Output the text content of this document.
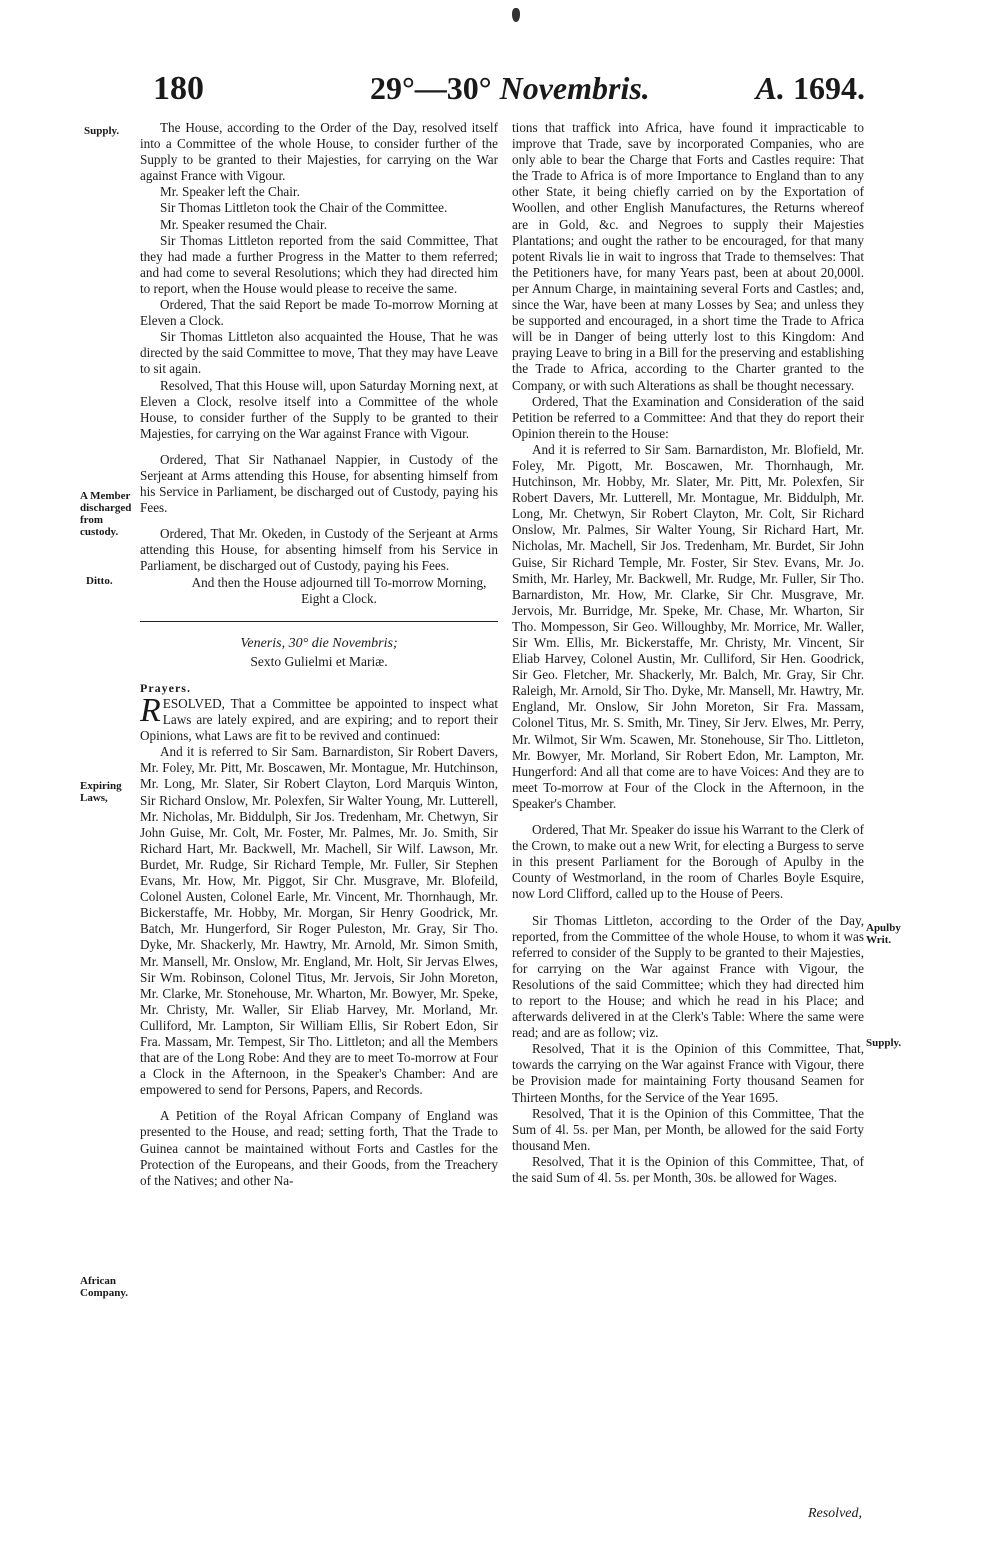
180	29°—30° Novembris.	A. 1694.
Supply.
A Member discharged from custody.
Ditto.
Expiring Laws,
African Company.
Apulby Writ.
Supply.

The House, according to the Order of the Day, resolved itself into a Committee of the whole House, to consider further of the Supply to be granted to their Majesties, for carrying on the War against France with Vigour.

Mr. Speaker left the Chair.

Sir Thomas Littleton took the Chair of the Committee.

Mr. Speaker resumed the Chair.

Sir Thomas Littleton reported from the said Committee, That they had made a further Progress in the Matter to them referred; and had come to several Resolutions; which they had directed him to report, when the House would please to receive the same.

Ordered, That the said Report be made To-morrow Morning at Eleven a Clock.

Sir Thomas Littleton also acquainted the House, That he was directed by the said Committee to move, That they may have Leave to sit again.

Resolved, That this House will, upon Saturday Morning next, at Eleven a Clock, resolve itself into a Committee of the whole House, to consider further of the Supply to be granted to their Majesties, for carrying on the War against France with Vigour.

Ordered, That Sir Nathanael Nappier, in Custody of the Serjeant at Arms attending this House, for absenting himself from his Service in Parliament, be discharged out of Custody, paying his Fees.

Ordered, That Mr. Okeden, in Custody of the Serjeant at Arms attending this House, for absenting himself from his Service in Parliament, be discharged out of Custody, paying his Fees.

And then the House adjourned till To-morrow Morning, Eight a Clock.

Veneris, 30° die Novembris;
Sexto Gulielmi et Mariæ.

Prayers.

RESOLVED, That a Committee be appointed to inspect what Laws are lately expired, and are expiring; and to report their Opinions, what Laws are fit to be revived and continued:

And it is referred to Sir Sam. Barnardiston, Sir Robert Davers, Mr. Foley, Mr. Pitt, Mr. Boscawen, Mr. Montague, Mr. Hutchinson, Mr. Long, Mr. Slater, Sir Robert Clayton, Lord Marquis Winton, Sir Richard Onslow, Mr. Polexfen, Sir Walter Young, Mr. Lutterell, Mr. Nicholas, Mr. Biddulph, Sir Jos. Tredenham, Mr. Chetwyn, Sir John Guise, Mr. Colt, Mr. Foster, Mr. Palmes, Mr. Jo. Smith, Sir Richard Hart, Mr. Backwell, Mr. Machell, Sir Wilf. Lawson, Mr. Burdet, Mr. Rudge, Sir Richard Temple, Mr. Fuller, Sir Stephen Evans, Mr. How, Mr. Piggot, Sir Chr. Musgrave, Mr. Blofeild, Colonel Austen, Colonel Earle, Mr. Vincent, Mr. Thornhaugh, Mr. Bickerstaffe, Mr. Hobby, Mr. Morgan, Sir Henry Goodrick, Mr. Batch, Mr. Hungerford, Sir Roger Puleston, Mr. Gray, Sir Tho. Dyke, Mr. Shackerly, Mr. Hawtry, Mr. Arnold, Mr. Simon Smith, Mr. Mansell, Mr. Onslow, Mr. England, Mr. Holt, Sir Jervas Elwes, Sir Wm. Robinson, Colonel Titus, Mr. Jervois, Sir John Moreton, Mr. Clarke, Mr. Stonehouse, Mr. Wharton, Mr. Bowyer, Mr. Speke, Mr. Christy, Mr. Waller, Sir Eliab Harvey, Mr. Morland, Mr. Culliford, Mr. Lampton, Sir William Ellis, Sir Robert Edon, Sir Fra. Massam, Mr. Tempest, Sir Tho. Littleton; and all the Members that are of the Long Robe: And they are to meet To-morrow at Four a Clock in the Afternoon, in the Speaker's Chamber: And are empowered to send for Persons, Papers, and Records.

A Petition of the Royal African Company of England was presented to the House, and read; setting forth, That the Trade to Guinea cannot be maintained without Forts and Castles for the Protection of the Europeans, and their Goods, from the Treachery of the Natives; and other Na-

tions that traffick into Africa, have found it impracticable to improve that Trade, save by incorporated Companies, who are only able to bear the Charge that Forts and Castles require: That the Trade to Africa is of more Importance to England than to any other State, it being chiefly carried on by the Exportation of Woollen, and other English Manufactures, the Returns whereof are in Gold, &c. and Negroes to supply their Majesties Plantations; and ought the rather to be encouraged, for that many potent Rivals lie in wait to ingross that Trade to themselves: That the Petitioners have, for many Years past, been at about 20,000l. per Annum Charge, in maintaining several Forts and Castles; and, since the War, have been at many Losses by Sea; and unless they be supported and encouraged, in a short time the Trade to Africa will be in Danger of being utterly lost to this Kingdom: And praying Leave to bring in a Bill for the preserving and establishing the Trade to Africa, according to the Charter granted to the Company, or with such Alterations as shall be thought necessary.

Ordered, That the Examination and Consideration of the said Petition be referred to a Committee: And that they do report their Opinion therein to the House:

And it is referred to Sir Sam. Barnardiston, Mr. Blofield, Mr. Foley, Mr. Pigott, Mr. Boscawen, Mr. Thornhaugh, Mr. Hutchinson, Mr. Hobby, Mr. Slater, Mr. Pitt, Mr. Polexfen, Sir Robert Davers, Mr. Lutterell, Mr. Montague, Mr. Biddulph, Mr. Long, Mr. Chetwyn, Sir Robert Clayton, Mr. Colt, Sir Richard Onslow, Mr. Palmes, Sir Walter Young, Sir Richard Hart, Mr. Nicholas, Mr. Machell, Sir Jos. Tredenham, Mr. Burdet, Sir John Guise, Sir Richard Temple, Mr. Foster, Sir Stev. Evans, Mr. Jo. Smith, Mr. Harley, Mr. Backwell, Mr. Rudge, Mr. Fuller, Sir Tho. Barnardiston, Mr. How, Mr. Clarke, Sir Chr. Musgrave, Mr. Jervois, Mr. Burridge, Mr. Speke, Mr. Chase, Mr. Wharton, Sir Tho. Mompesson, Sir Geo. Willoughby, Mr. Morrice, Mr. Waller, Sir Wm. Ellis, Mr. Bickerstaffe, Mr. Christy, Mr. Vincent, Sir Eliab Harvey, Colonel Austin, Mr. Culliford, Sir Hen. Goodrick, Sir Geo. Fletcher, Mr. Shackerly, Mr. Balch, Mr. Gray, Sir Chr. Raleigh, Mr. Arnold, Sir Tho. Dyke, Mr. Mansell, Mr. Hawtry, Mr. England, Mr. Onslow, Sir John Moreton, Sir Fra. Massam, Colonel Titus, Mr. S. Smith, Mr. Tiney, Sir Jerv. Elwes, Mr. Perry, Mr. Wilmot, Sir Wm. Scawen, Mr. Stonehouse, Sir Tho. Littleton, Mr. Bowyer, Mr. Morland, Sir Robert Edon, Mr. Lampton, Mr. Hungerford: And all that come are to have Voices: And they are to meet To-morrow at Four of the Clock in the Afternoon, in the Speaker's Chamber.

Ordered, That Mr. Speaker do issue his Warrant to the Clerk of the Crown, to make out a new Writ, for electing a Burgess to serve in this present Parliament for the Borough of Apulby in the County of Westmorland, in the room of Charles Boyle Esquire, now Lord Clifford, called up to the House of Peers.

Sir Thomas Littleton, according to the Order of the Day, reported, from the Committee of the whole House, to whom it was referred to consider of the Supply to be granted to their Majesties, for carrying on the War against France with Vigour, the Resolutions of the said Committee; which they had directed him to report to the House; and which he read in his Place; and afterwards delivered in at the Clerk's Table: Where the same were read; and are as follow; viz.

Resolved, That it is the Opinion of this Committee, That, towards the carrying on the War against France with Vigour, there be Provision made for maintaining Forty thousand Seamen for Thirteen Months, for the Service of the Year 1695.

Resolved, That it is the Opinion of this Committee, That the Sum of 4l. 5s. per Man, per Month, be allowed for the said Forty thousand Men.

Resolved, That it is the Opinion of this Committee, That, of the said Sum of 4l. 5s. per Month, 30s. be allowed for Wages.

Resolved,
